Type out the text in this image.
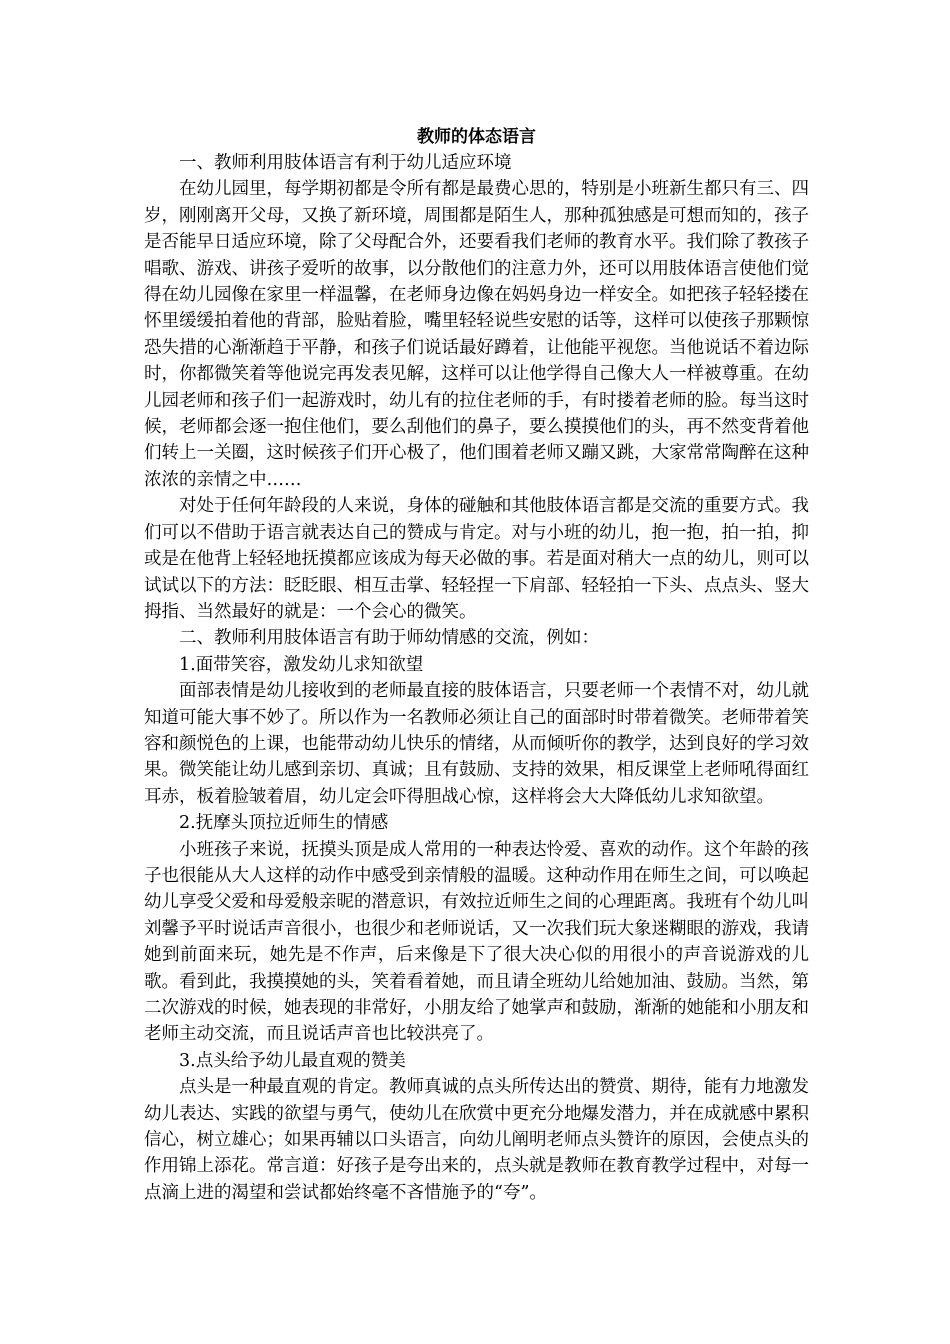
教师的体态语言

一、教师利用肢体语言有利于幼儿适应环境

在幼儿园里，每学期初都是令所有都是最费心思的，特别是小班新生都只有三、四岁，刚刚离开父母，又换了新环境，周围都是陌生人，那种孤独感是可想而知的，孩子是否能早日适应环境，除了父母配合外，还要看我们老师的教育水平。我们除了教孩子唱歌、游戏、讲孩子爱听的故事，以分散他们的注意力外，还可以用肢体语言使他们觉得在幼儿园像在家里一样温馨，在老师身边像在妈妈身边一样安全。如把孩子轻轻搂在怀里缓缓拍着他的背部，脸贴着脸，嘴里轻轻说些安慰的话等，这样可以使孩子那颗惊恐失措的心渐渐趋于平静，和孩子们说话最好蹲着，让他能平视您。当他说话不着边际时，你都微笑着等他说完再发表见解，这样可以让他学得自己像大人一样被尊重。在幼儿园老师和孩子们一起游戏时，幼儿有的拉住老师的手，有时搂着老师的脸。每当这时候，老师都会逐一抱住他们，要么刮他们的鼻子，要么摸摸他们的头，再不然变背着他们转上一关圈，这时候孩子们开心极了，他们围着老师又蹦又跳，大家常常陶醉在这种浓浓的亲情之中……

对处于任何年龄段的人来说，身体的碰触和其他肢体语言都是交流的重要方式。我们可以不借助于语言就表达自己的赞成与肯定。对与小班的幼儿，抱一抱，拍一拍，抑或是在他背上轻轻地抚摸都应该成为每天必做的事。若是面对稍大一点的幼儿，则可以试试以下的方法：眨眨眼、相互击掌、轻轻捏一下肩部、轻轻拍一下头、点点头、竖大拇指、当然最好的就是：一个会心的微笑。

二、教师利用肢体语言有助于师幼情感的交流，例如：

1.面带笑容，激发幼儿求知欲望

面部表情是幼儿接收到的老师最直接的肢体语言，只要老师一个表情不对，幼儿就知道可能大事不妙了。所以作为一名教师必须让自己的面部时时带着微笑。老师带着笑容和颜悦色的上课，也能带动幼儿快乐的情绪，从而倾听你的教学，达到良好的学习效果。微笑能让幼儿感到亲切、真诚；且有鼓励、支持的效果，相反课堂上老师吼得面红耳赤，板着脸皱着眉，幼儿定会吓得胆战心惊，这样将会大大降低幼儿求知欲望。

2.抚摩头顶拉近师生的情感

小班孩子来说，抚摸头顶是成人常用的一种表达怜爱、喜欢的动作。这个年龄的孩子也很能从大人这样的动作中感受到亲情般的温暖。这种动作用在师生之间，可以唤起幼儿享受父爱和母爱般亲昵的潜意识，有效拉近师生之间的心理距离。我班有个幼儿叫刘馨予平时说话声音很小，也很少和老师说话，又一次我们玩大象迷糊眼的游戏，我请她到前面来玩，她先是不作声，后来像是下了很大决心似的用很小的声音说游戏的儿歌。看到此，我摸摸她的头，笑着看着她，而且请全班幼儿给她加油、鼓励。当然，第二次游戏的时候，她表现的非常好，小朋友给了她掌声和鼓励，渐渐的她能和小朋友和老师主动交流，而且说话声音也比较洪亮了。

3.点头给予幼儿最直观的赞美

点头是一种最直观的肯定。教师真诚的点头所传达出的赞赏、期待，能有力地激发幼儿表达、实践的欲望与勇气，使幼儿在欣赏中更充分地爆发潜力，并在成就感中累积信心，树立雄心；如果再辅以口头语言，向幼儿阐明老师点头赞许的原因，会使点头的作用锦上添花。常言道：好孩子是夸出来的，点头就是教师在教育教学过程中，对每一点滴上进的渴望和尝试都始终毫不吝惜施予的“夸”。
